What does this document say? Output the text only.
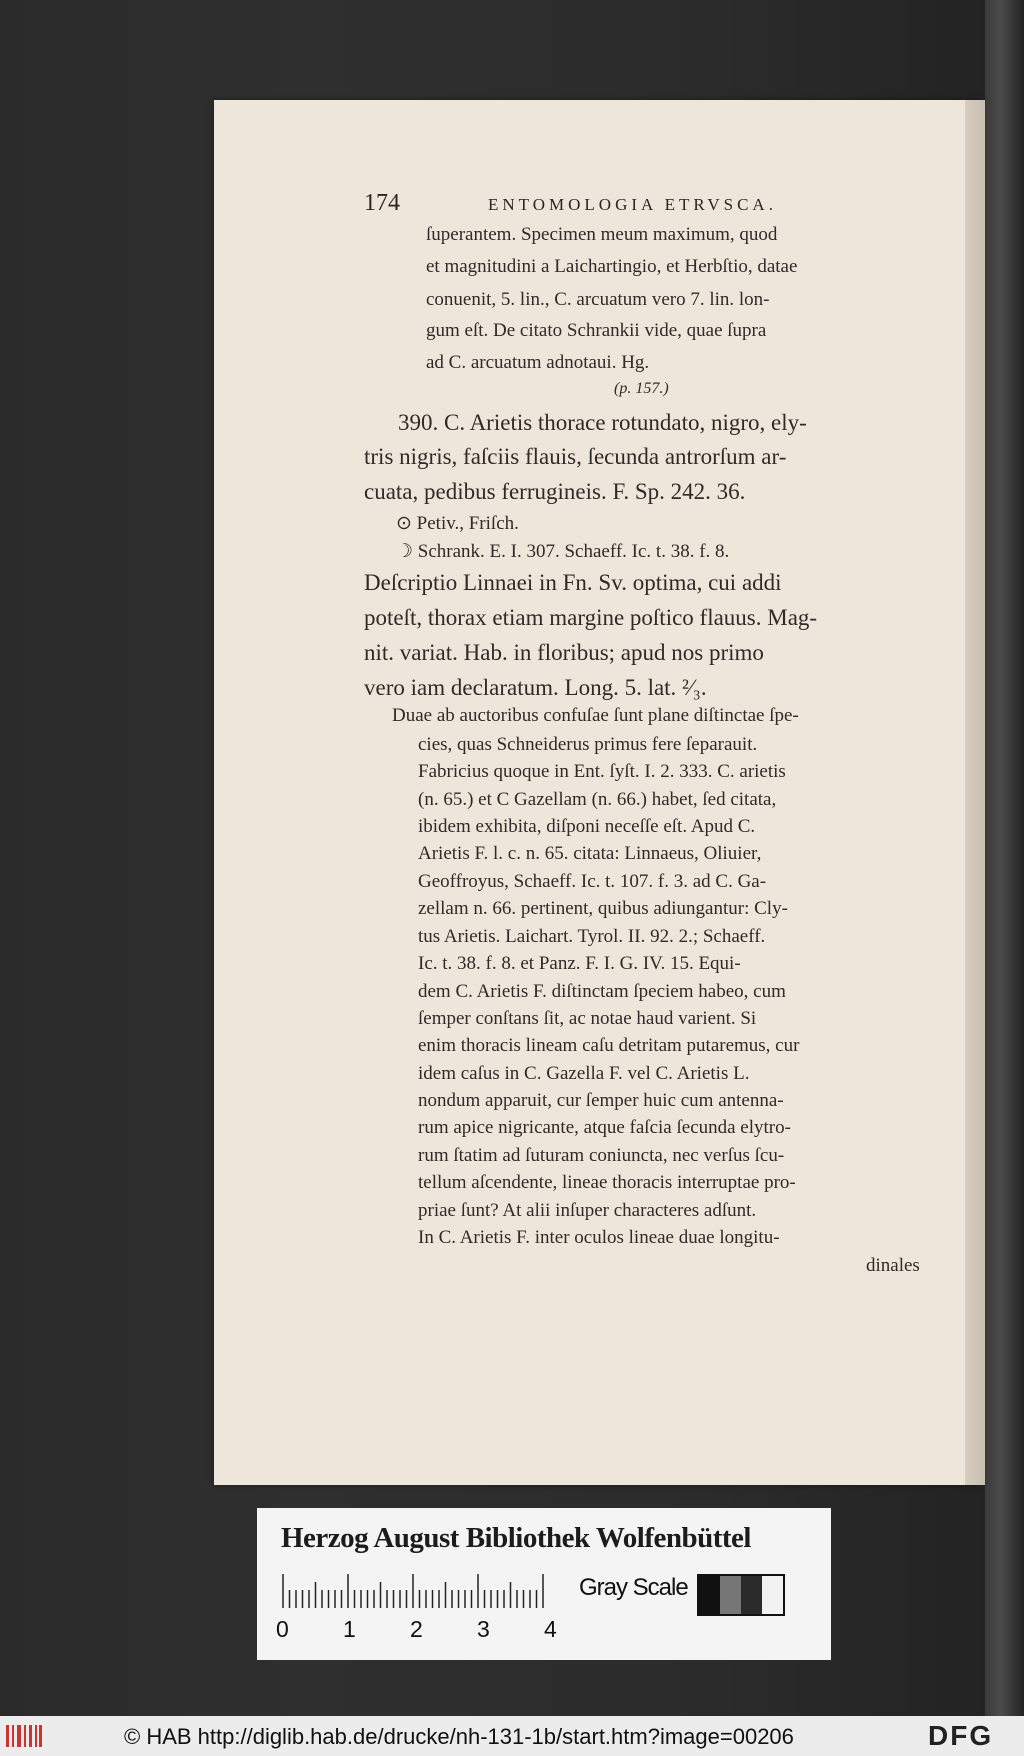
174	ENTOMOLOGIA ETRVSCA.
ſuperantem. Specimen meum maximum, quod
et magnitudini a Laichartingio, et Herbſtio, datae
conuenit, 5. lin., C. arcuatum vero 7. lin. lon-
gum eſt. De citato Schrankii vide, quae ſupra
ad C. arcuatum adnotaui. Hg.
(p. 157.)
390. C. Arietis thorace rotundato, nigro, ely-
tris nigris, faſciis flauis, ſecunda antrorſum ar-
cuata, pedibus ferrugineis. F. Sp. 242. 36.
⊙ Petiv., Friſch.
☽ Schrank. E. I. 307. Schaeff. Ic. t. 38. f. 8.
Deſcriptio Linnaei in Fn. Sv. optima, cui addi
poteſt, thorax etiam margine poſtico flauus. Mag-
nit. variat. Hab. in floribus; apud nos primo
vero iam declaratum. Long. 5. lat. ²⁄₃.
Duae ab auctoribus confuſae ſunt plane diſtinctae ſpe-
cies, quas Schneiderus primus fere ſeparauit.
Fabricius quoque in Ent. ſyſt. I. 2. 333. C. arietis
(n. 65.) et C Gazellam (n. 66.) habet, ſed citata,
ibidem exhibita, diſponi neceſſe eſt. Apud C.
Arietis F. l. c. n. 65. citata: Linnaeus, Oliuier,
Geoffroyus, Schaeff. Ic. t. 107. f. 3. ad C. Ga-
zellam n. 66. pertinent, quibus adiungantur: Cly-
tus Arietis. Laichart. Tyrol. II. 92. 2.; Schaeff.
Ic. t. 38. f. 8. et Panz. F. I. G. IV. 15. Equi-
dem C. Arietis F. diſtinctam ſpeciem habeo, cum
ſemper conſtans ſit, ac notae haud varient. Si
enim thoracis lineam caſu detritam putaremus, cur
idem caſus in C. Gazella F. vel C. Arietis L.
nondum apparuit, cur ſemper huic cum antenna-
rum apice nigricante, atque faſcia ſecunda elytro-
rum ſtatim ad ſuturam coniuncta, nec verſus ſcu-
tellum aſcendente, lineae thoracis interruptae pro-
priae ſunt? At alii inſuper characteres adſunt.
In C. Arietis F. inter oculos lineae duae longitu-
dinales
Herzog August Bibliothek Wolfenbüttel
0 1 2 3 4
Gray Scale
© HAB http://diglib.hab.de/drucke/nh-131-1b/start.htm?image=00206	DFG
